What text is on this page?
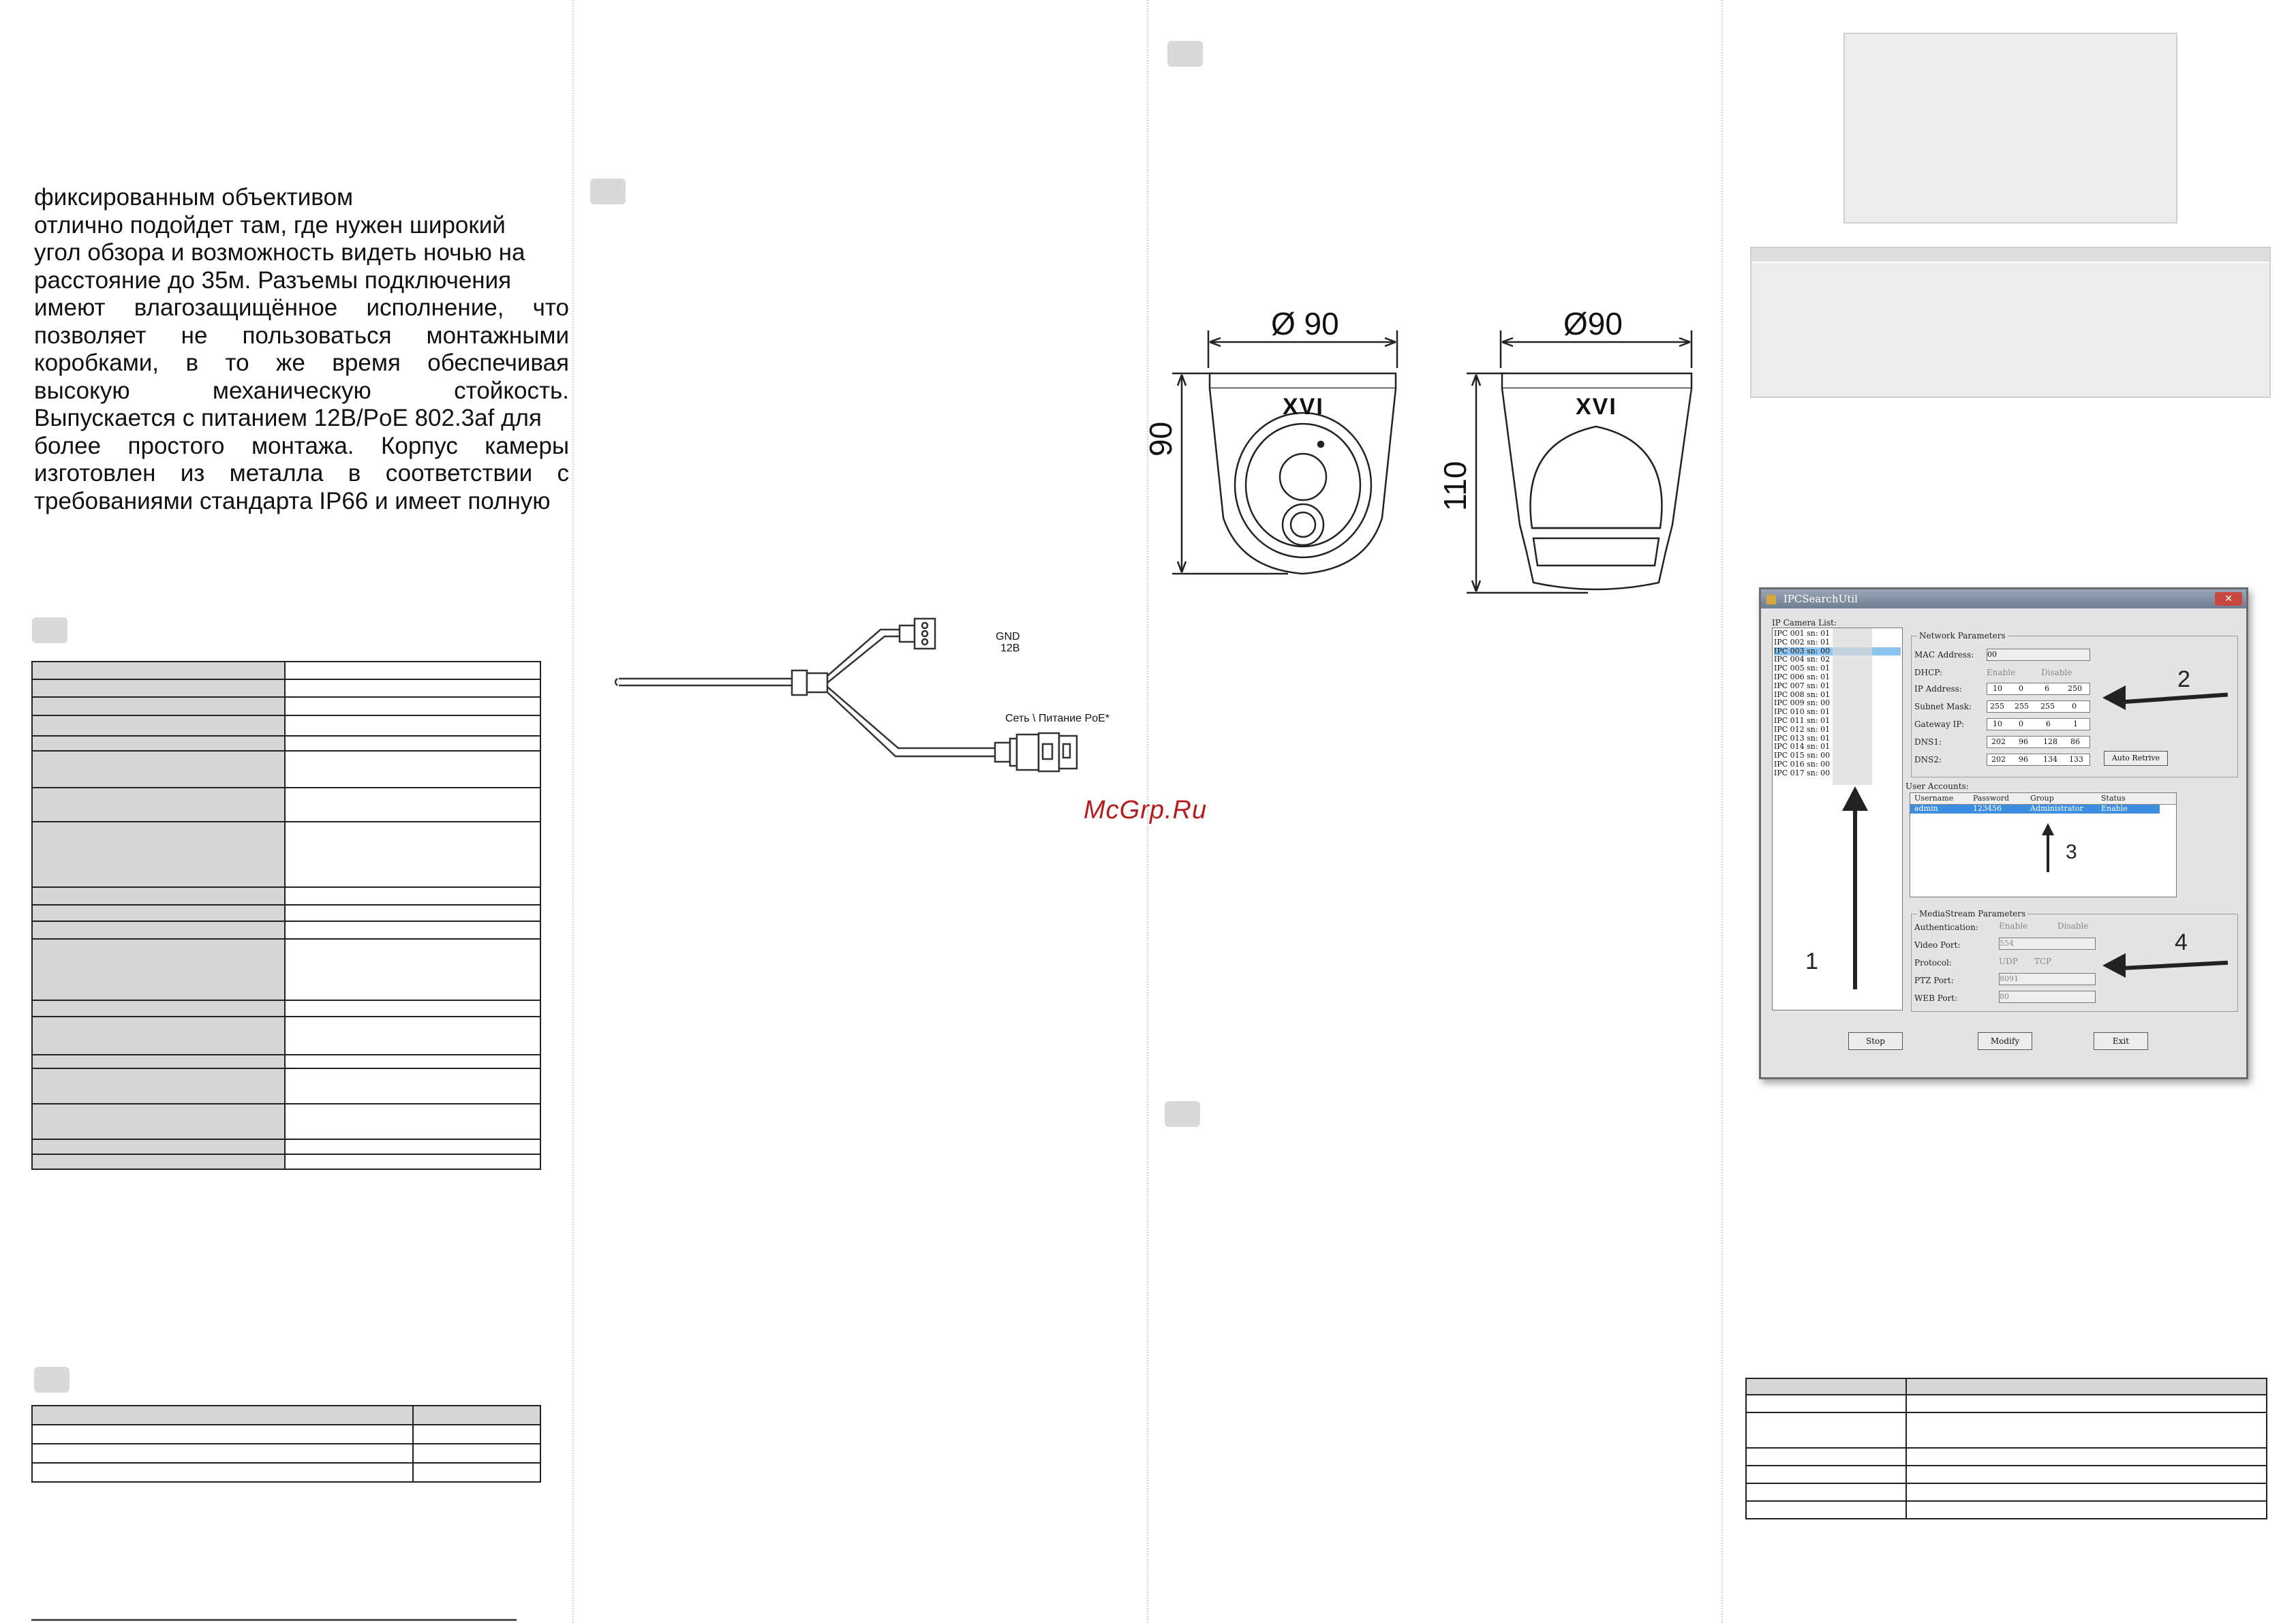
фиксированным объективом
отлично подойдет там, где нужен широкий
угол обзора и возможность видеть ночью на
расстояние до 35м. Разъемы подключения
имеют влагозащищённое исполнение, что
позволяет не пользоваться монтажными
коробками, в то же время обеспечивая
высокую механическую стойкость.
Выпускается с питанием 12В/PoE 802.3af для
более простого монтажа. Корпус камеры
изготовлен из металла в соответствии с
требованиями стандарта IP66 и имеет полную

GND
12В
Сеть \ Питание PoE*
McGrp.Ru
Ø 90
90
XVI
Ø90
110
XVI
IPCSearchUtil	✕
IP Camera List:
IPC 001 sn: 01
IPC 002 sn: 01
IPC 003 sn: 00
IPC 004 sn: 02
IPC 005 sn: 01
IPC 006 sn: 01
IPC 007 sn: 01
IPC 008 sn: 01
IPC 009 sn: 00
IPC 010 sn: 01
IPC 011 sn: 01
IPC 012 sn: 01
IPC 013 sn: 01
IPC 014 sn: 01
IPC 015 sn: 00
IPC 016 sn: 00
IPC 017 sn: 00
1
Network Parameters
MAC Address: 00
DHCP:	Enable	Disable
IP Address:	10 0	6 250
Subnet Mask: 255 255 255 0
Gateway IP:	10 0	6	1
DNS1:	202 96 128 86
DNS2:	202 96 134 133	Auto Retrive
2
User Accounts:
Username	Password	Group	Status
admin	123456	Administrator Enable
3
MediaStream Parameters
Authentication:	Enable	Disable
Video Port:	554
Protocol:	UDP TCP
PTZ Port:	8091
WEB Port:	80
4
Stop	Modify	Exit
